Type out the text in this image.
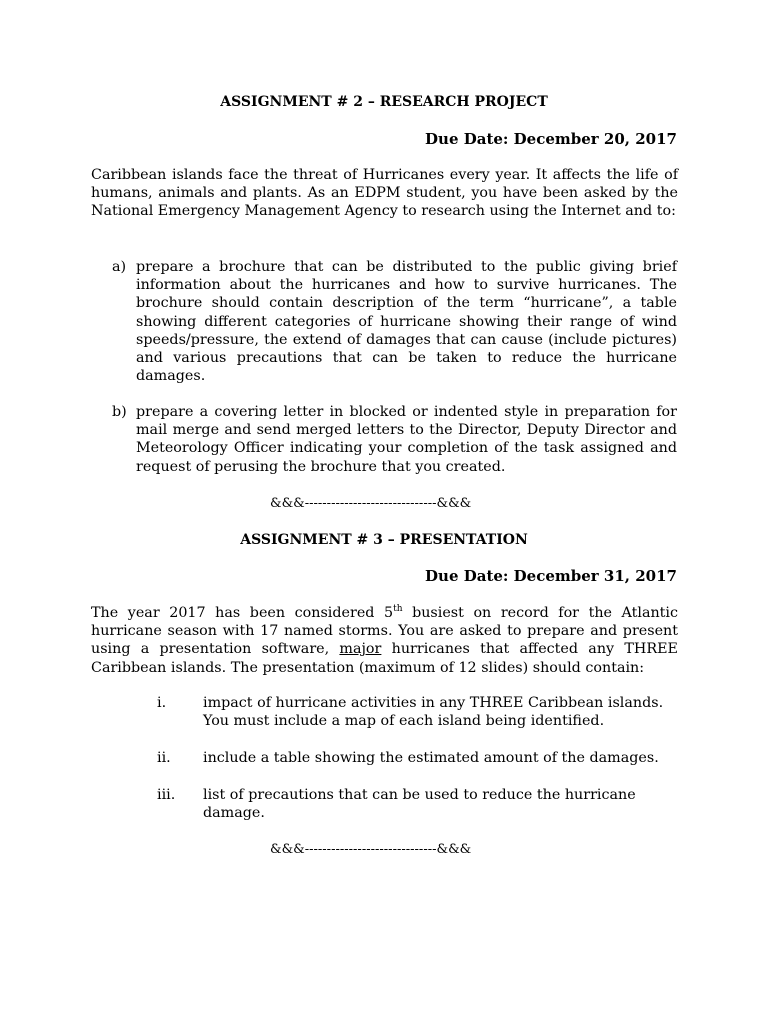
ASSIGNMENT # 2 – RESEARCH PROJECT
Due Date: December 20, 2017
Caribbean islands face the threat of Hurricanes every year. It affects the life of humans, animals and plants. As an EDPM student, you have been asked by the National Emergency Management Agency to research using the Internet and to:
a) prepare a brochure that can be distributed to the public giving brief information about the hurricanes and how to survive hurricanes. The brochure should contain description of the term “hurricane”, a table showing different categories of hurricane showing their range of wind speeds/pressure, the extend of damages that can cause (include pictures) and various precautions that can be taken to reduce the hurricane damages.
b) prepare a covering letter in blocked or indented style in preparation for mail merge and send merged letters to the Director, Deputy Director and Meteorology Officer indicating your completion of the task assigned and request of perusing the brochure that you created.
&&&------------------------------&&&
ASSIGNMENT # 3 – PRESENTATION
Due Date: December 31, 2017
The year 2017 has been considered 5th busiest on record for the Atlantic hurricane season with 17 named storms. You are asked to prepare and present using a presentation software, major hurricanes that affected any THREE Caribbean islands. The presentation (maximum of 12 slides) should contain:
i.	impact of hurricane activities in any THREE Caribbean islands. You must include a map of each island being identified.
ii. include a table showing the estimated amount of the damages.
iii. list of precautions that can be used to reduce the hurricane damage.
&&&------------------------------&&&
